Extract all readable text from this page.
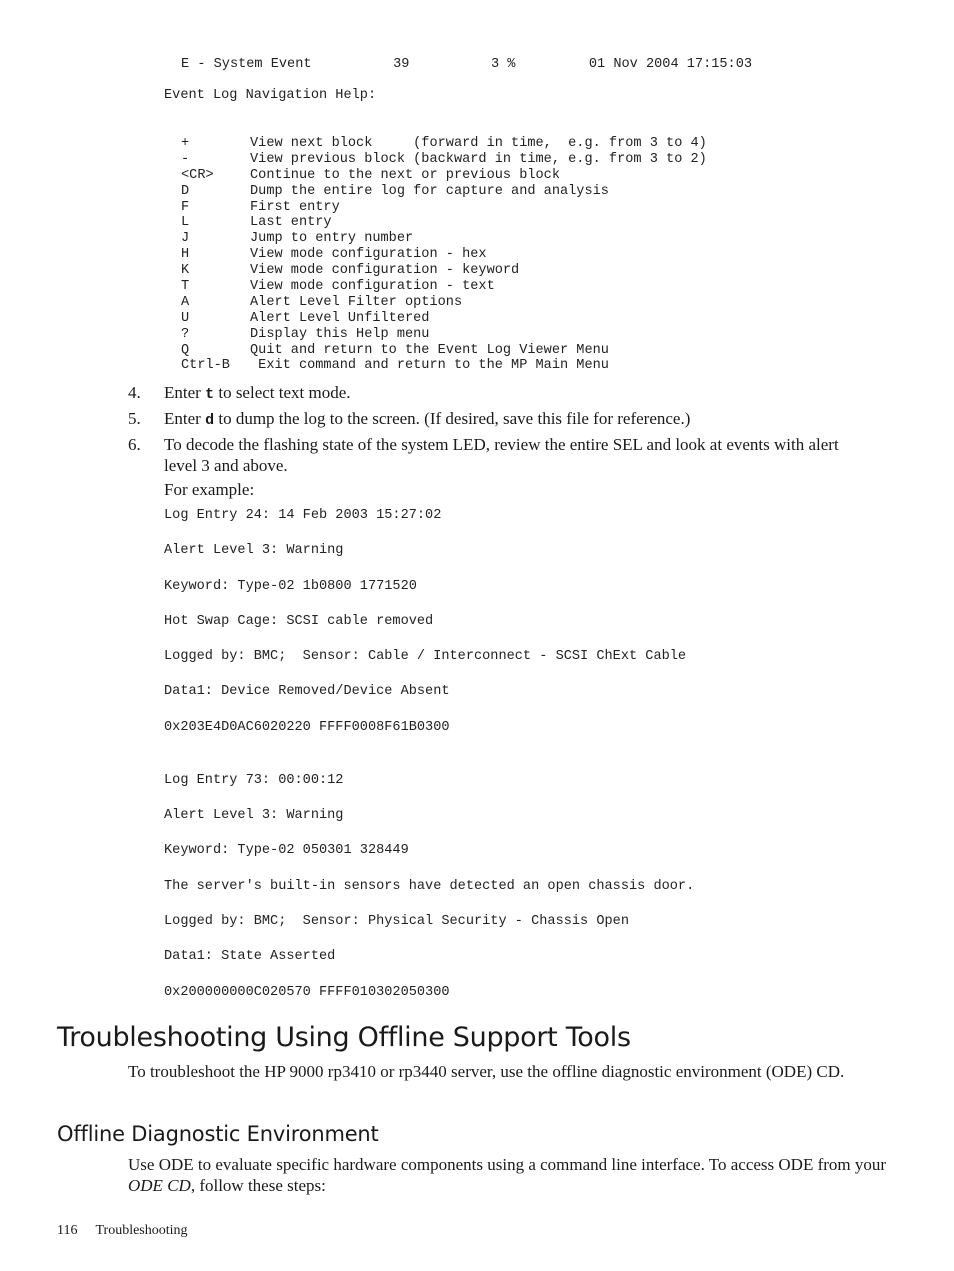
E - System Event          39          3 %         01 Nov 2004 17:15:03
Event Log Navigation Help:
+	View next block     (forward in time,  e.g. from 3 to 4)
-	View previous block (backward in time, e.g. from 3 to 2)
<CR>	Continue to the next or previous block
D	Dump the entire log for capture and analysis
F	First entry
L	Last entry
J	Jump to entry number
H	View mode configuration - hex
K	View mode configuration - keyword
T	View mode configuration - text
A	Alert Level Filter options
U	Alert Level Unfiltered
?	Display this Help menu
Q	Quit and return to the Event Log Viewer Menu
Ctrl-B Exit command and return to the MP Main Menu
4. Enter t to select text mode.
5. Enter d to dump the log to the screen. (If desired, save this file for reference.)
6. To decode the flashing state of the system LED, review the entire SEL and look at events with alert level 3 and above.
For example:
Log Entry 24: 14 Feb 2003 15:27:02
Alert Level 3: Warning
Keyword: Type-02 1b0800 1771520
Hot Swap Cage: SCSI cable removed
Logged by: BMC;  Sensor: Cable / Interconnect - SCSI ChExt Cable
Data1: Device Removed/Device Absent
0x203E4D0AC6020220 FFFF0008F61B0300
Log Entry 73: 00:00:12
Alert Level 3: Warning
Keyword: Type-02 050301 328449
The server's built-in sensors have detected an open chassis door.
Logged by: BMC;  Sensor: Physical Security - Chassis Open
Data1: State Asserted
0x200000000C020570 FFFF010302050300
Troubleshooting Using Offline Support Tools
To troubleshoot the HP 9000 rp3410 or rp3440 server, use the offline diagnostic environment (ODE) CD.
Offline Diagnostic Environment
Use ODE to evaluate specific hardware components using a command line interface. To access ODE from your ODE CD, follow these steps:
116 Troubleshooting
